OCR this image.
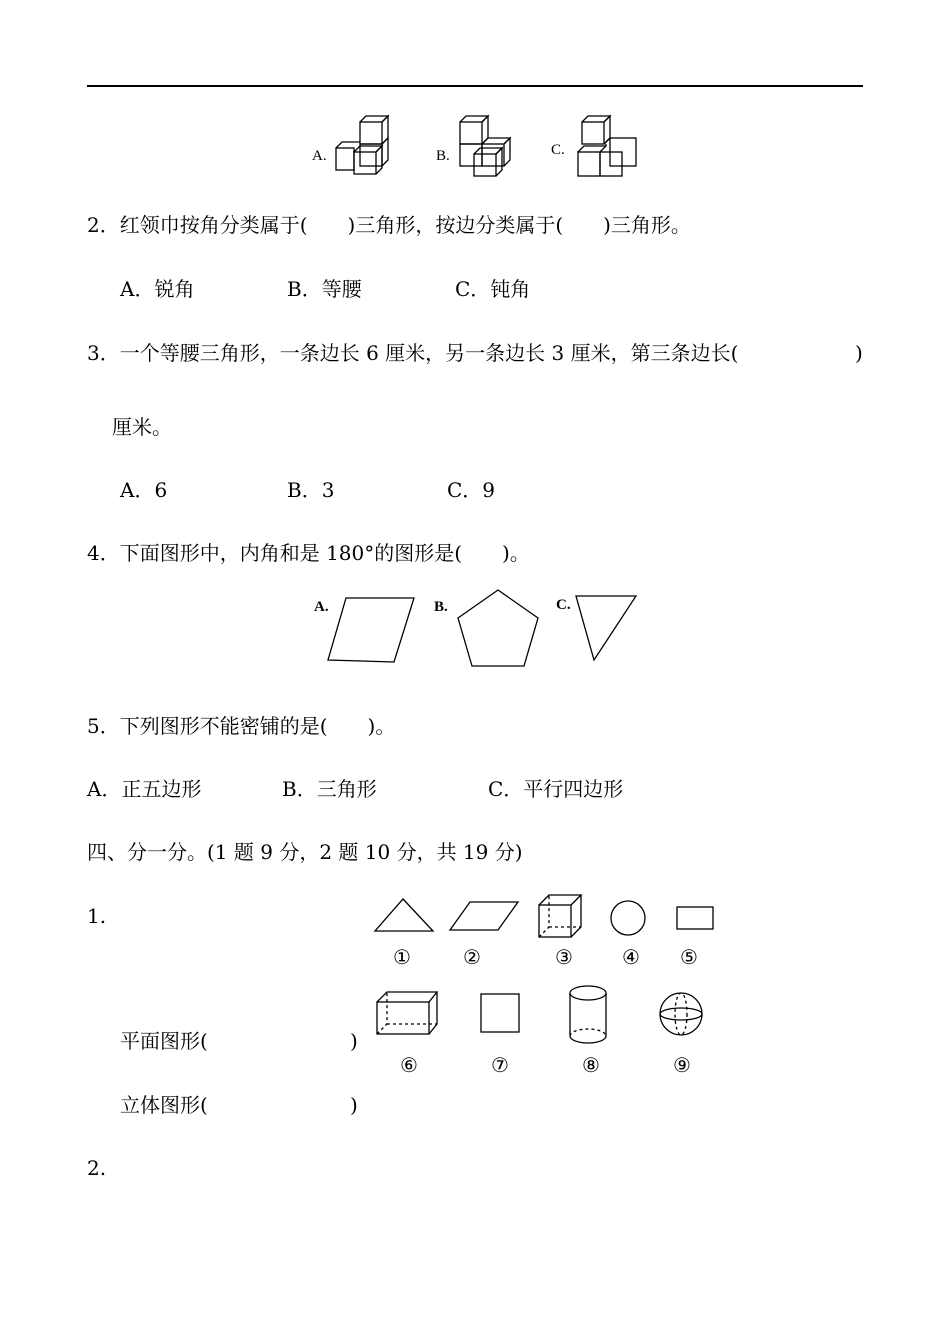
A.	B.	C.
2．红领巾按角分类属于(　　)三角形，按边分类属于(　　)三角形。
A．锐角	B．等腰	C．钝角
3．一个等腰三角形，一条边长 6 厘米，另一条边长 3 厘米，第三条边长(	)
厘米。
A．6	B．3	C．9
4．下面图形中，内角和是 180°的图形是(　　)。
A.	B.	C.
5．下列图形不能密铺的是(　　)。
A．正五边形	B．三角形	C．平行四边形
四、分一分。(1 题 9 分，2 题 10 分，共 19 分)
1.
①	②	③ ④ ⑤
平面图形(	)
⑥	⑦	⑧	⑨
立体图形(	)
2.
